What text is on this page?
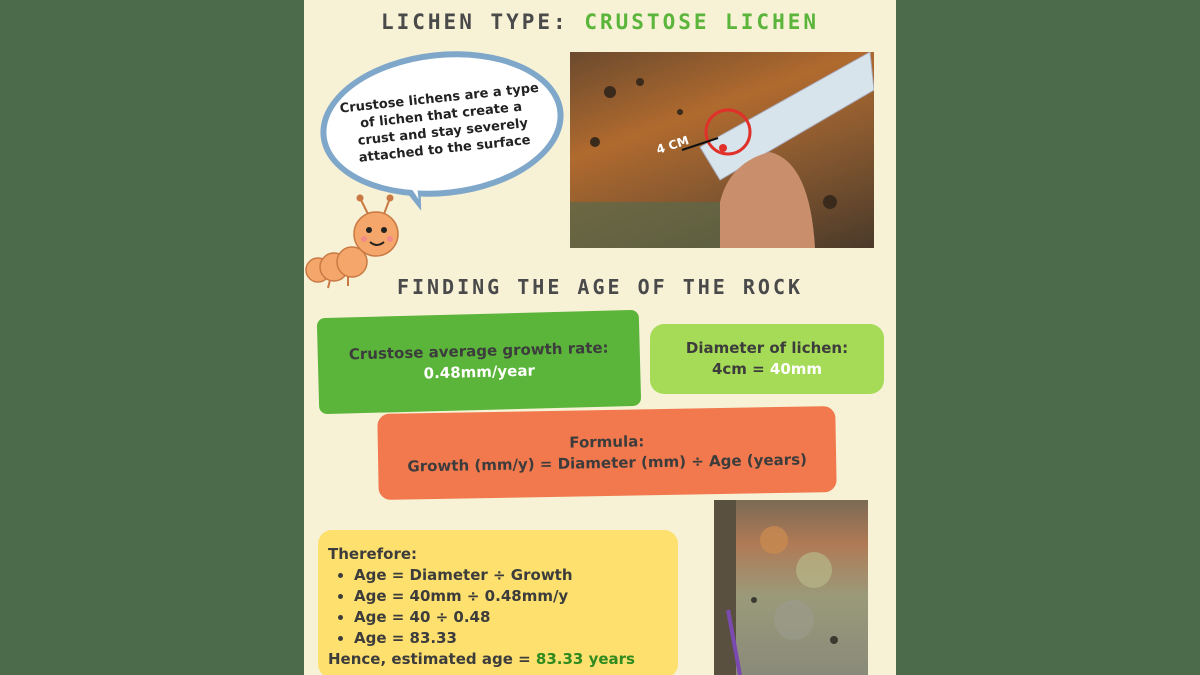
LICHEN TYPE: CRUSTOSE LICHEN
Crustose lichens are a type of lichen that create a crust and stay severely attached to the surface	4 CM
FINDING THE AGE OF THE ROCK
Crustose average growth rate:
0.48mm/year
Diameter of lichen:
4cm = 40mm
Formula:
Growth (mm/y) = Diameter (mm) ÷ Age (years)
Therefore:
• Age = Diameter ÷ Growth
• Age = 40mm ÷ 0.48mm/y
• Age = 40 ÷ 0.48
• Age = 83.33
Hence, estimated age = 83.33 years
